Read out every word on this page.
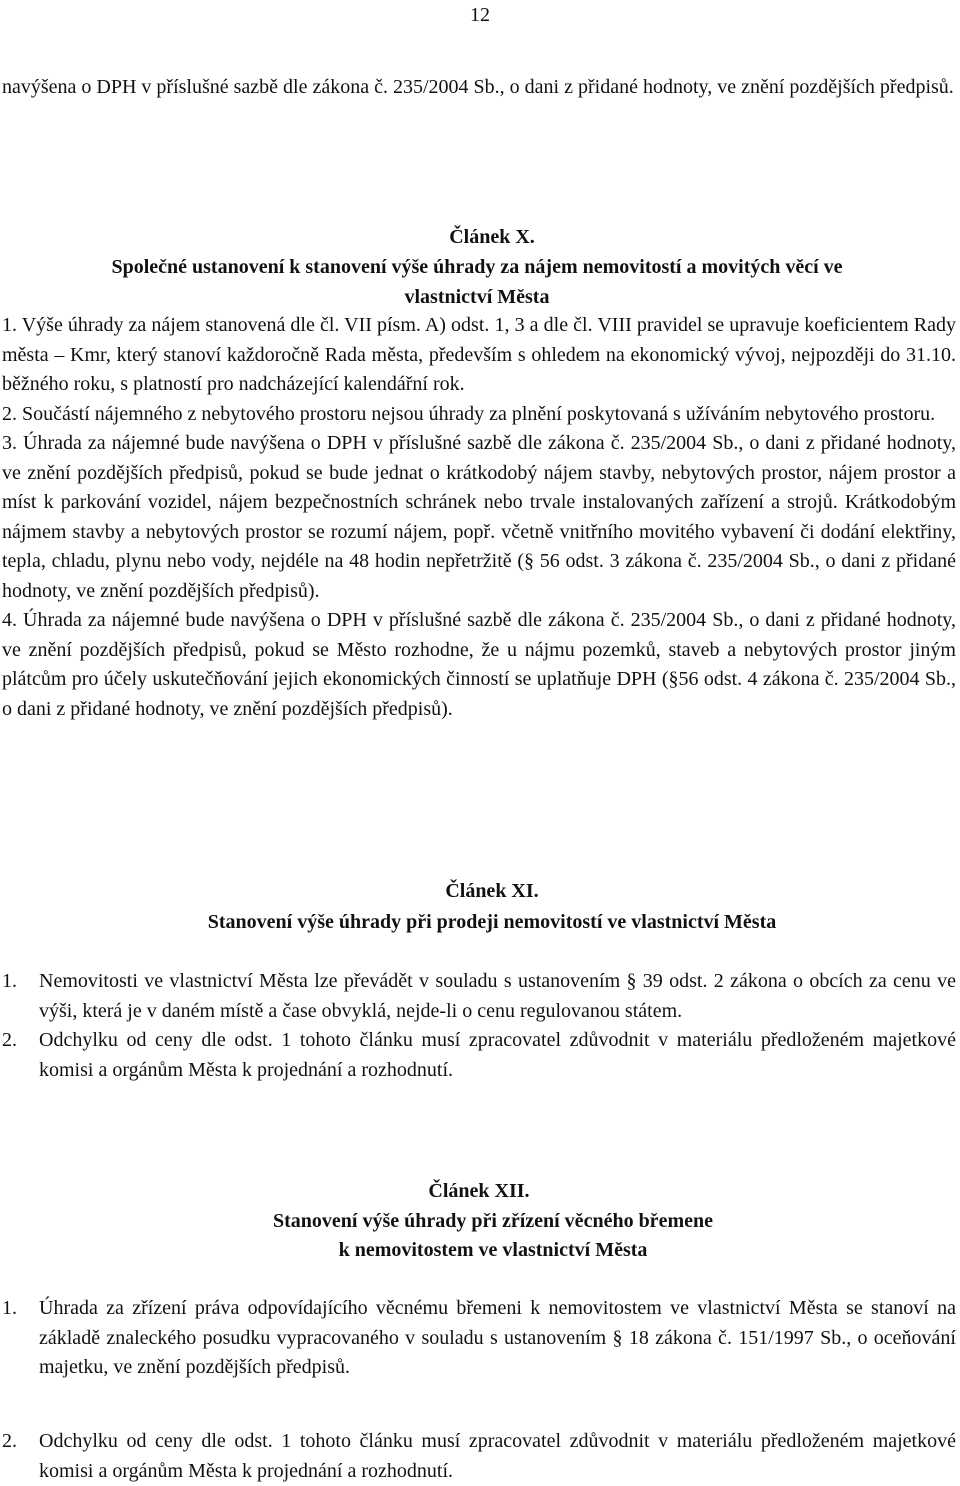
12

navýšena o DPH v příslušné sazbě dle zákona č. 235/2004 Sb., o dani z přidané hodnoty, ve znění pozdějších předpisů.

Článek X.
Společné ustanovení k stanovení výše úhrady za nájem nemovitostí a movitých věcí ve
vlastnictví Města

1. Výše úhrady za nájem stanovená dle čl. VII písm. A) odst. 1, 3 a dle čl. VIII pravidel se upravuje koeficientem Rady města – Kmr, který stanoví každoročně Rada města, především s ohledem na ekonomický vývoj, nejpozději do 31.10. běžného roku, s platností pro nadcházející kalendářní rok.

2. Součástí nájemného z nebytového prostoru nejsou úhrady za plnění poskytovaná s užíváním nebytového prostoru.

3. Úhrada za nájemné bude navýšena o DPH v příslušné sazbě dle zákona č. 235/2004 Sb., o dani z přidané hodnoty, ve znění pozdějších předpisů, pokud se bude jednat o krátkodobý nájem stavby, nebytových prostor, nájem prostor a míst k parkování vozidel, nájem bezpečnostních schránek nebo trvale instalovaných zařízení a strojů. Krátkodobým nájmem stavby a nebytových prostor se rozumí nájem, popř. včetně vnitřního movitého vybavení či dodání elektřiny, tepla, chladu, plynu nebo vody, nejdéle na 48 hodin nepřetržitě (§ 56 odst. 3 zákona č. 235/2004 Sb., o dani z přidané hodnoty, ve znění pozdějších předpisů).

4. Úhrada za nájemné bude navýšena o DPH v příslušné sazbě dle zákona č. 235/2004 Sb., o dani z přidané hodnoty, ve znění pozdějších předpisů, pokud se Město rozhodne, že u nájmu pozemků, staveb a nebytových prostor jiným plátcům pro účely uskutečňování jejich ekonomických činností se uplatňuje DPH (§56 odst. 4 zákona č. 235/2004 Sb., o dani z přidané hodnoty, ve znění pozdějších předpisů).

Článek XI.
Stanovení výše úhrady při prodeji nemovitostí ve vlastnictví Města
1. Nemovitosti ve vlastnictví Města lze převádět v souladu s ustanovením § 39 odst. 2 zákona o obcích za cenu ve výši, která je v daném místě a čase obvyklá, nejde-li o cenu regulovanou státem.
2. Odchylku od ceny dle odst. 1 tohoto článku musí zpracovatel zdůvodnit v materiálu předloženém majetkové komisi a orgánům Města k projednání a rozhodnutí.
Článek XII.
Stanovení výše úhrady při zřízení věcného břemene
k nemovitostem ve vlastnictví Města
1. Úhrada za zřízení práva odpovídajícího věcnému břemeni k nemovitostem ve vlastnictví Města se stanoví na základě znaleckého posudku vypracovaného v souladu s ustanovením § 18 zákona č. 151/1997 Sb., o oceňování majetku, ve znění pozdějších předpisů.
2. Odchylku od ceny dle odst. 1 tohoto článku musí zpracovatel zdůvodnit v materiálu předloženém majetkové komisi a orgánům Města k projednání a rozhodnutí.
